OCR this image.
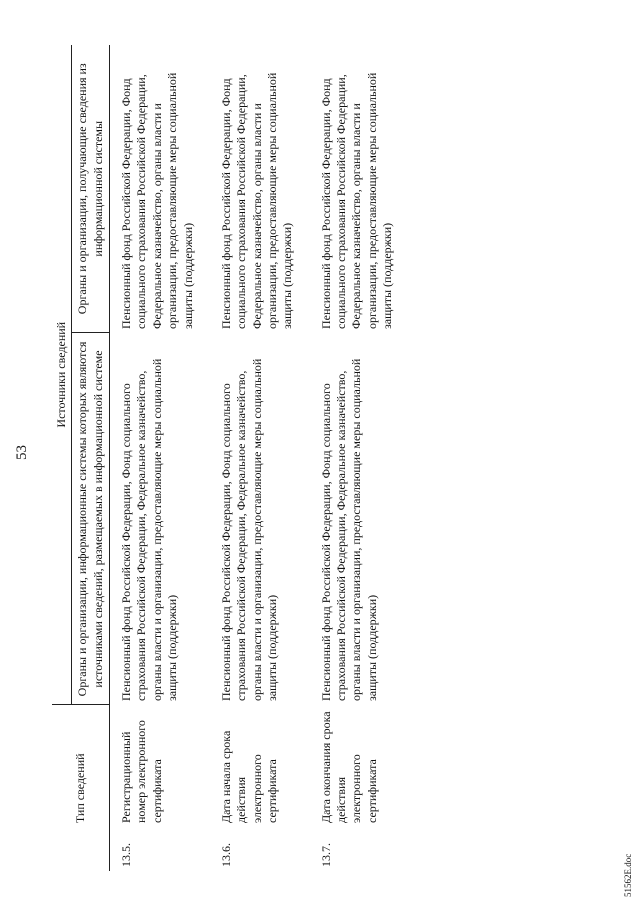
53
Тип сведений		Источники сведений	
		Органы и организации, информационные системы которых являются источниками сведений, размещаемых в информационной системе	Органы и организации, получающие сведения из информационной системы
13.5.	Регистрационный номер электронного сертификата	Пенсионный фонд Российской Федерации, Фонд социального страхования Российской Федерации, Федеральное казначейство, органы власти и организации, предоставляющие меры социальной защиты (поддержки)	Пенсионный фонд Российской Федерации, Фонд социального страхования Российской Федерации, Федеральное казначейство, органы власти и организации, предоставляющие меры социальной защиты (поддержки)
13.6.	Дата начала срока действия электронного сертификата	Пенсионный фонд Российской Федерации, Фонд социального страхования Российской Федерации, Федеральное казначейство, органы власти и организации, предоставляющие меры социальной защиты (поддержки)	Пенсионный фонд Российской Федерации, Фонд социального страхования Российской Федерации, Федеральное казначейство, органы власти и организации, предоставляющие меры социальной защиты (поддержки)
13.7.	Дата окончания срока действия электронного сертификата	Пенсионный фонд Российской Федерации, Фонд социального страхования Российской Федерации, Федеральное казначейство, органы власти и организации, предоставляющие меры социальной защиты (поддержки)	Пенсионный фонд Российской Федерации, Фонд социального страхования Российской Федерации, Федеральное казначейство, органы власти и организации, предоставляющие меры социальной защиты (поддержки)
51562E.doc
